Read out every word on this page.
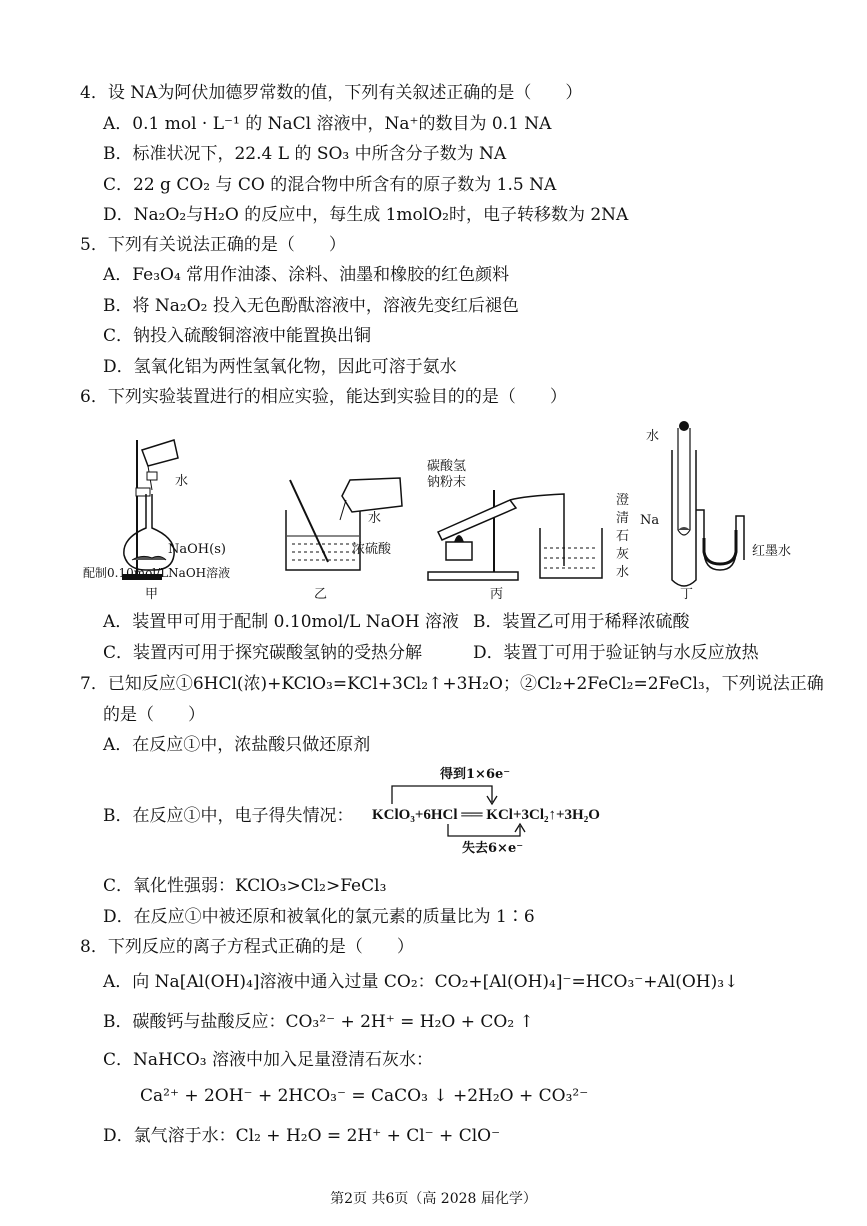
4．设 NA为阿伏加德罗常数的值，下列有关叙述正确的是（　　）
A．0.1 mol · L⁻¹ 的 NaCl 溶液中，Na⁺的数目为 0.1 NA
B．标准状况下，22.4 L 的 SO₃ 中所含分子数为 NA
C．22 g CO₂ 与 CO 的混合物中所含有的原子数为 1.5 NA
D．Na₂O₂与H₂O 的反应中，每生成 1molO₂时，电子转移数为 2NA
5．下列有关说法正确的是（　　）
A．Fe₃O₄ 常用作油漆、涂料、油墨和橡胶的红色颜料
B．将 Na₂O₂ 投入无色酚酞溶液中，溶液先变红后褪色
C．钠投入硫酸铜溶液中能置换出铜
D．氢氧化铝为两性氢氧化物，因此可溶于氨水
6．下列实验装置进行的相应实验，能达到实验目的的是（　　）
水
NaOH(s)
配制0.10mol/LNaOH溶液
甲
水
浓硫酸
乙
碳酸氢
钠粉末
澄
清
石
灰
水
丙
水
Na
红墨水
丁
A．装置甲可用于配制 0.10mol/L NaOH 溶液 B．装置乙可用于稀释浓硫酸
C．装置丙可用于探究碳酸氢钠的受热分解	D．装置丁可用于验证钠与水反应放热
7．已知反应①6HCl(浓)+KClO₃=KCl+3Cl₂↑+3H₂O；②Cl₂+2FeCl₂=2FeCl₃，下列说法正确
的是（　　）
A．在反应①中，浓盐酸只做还原剂
得到1×6e⁻
B．在反应①中，电子得失情况： KClO₃+6HCl ══ KCl+3Cl₂↑+3H₂O
失去6×e⁻
C．氧化性强弱：KClO₃>Cl₂>FeCl₃
D．在反应①中被还原和被氧化的氯元素的质量比为 1∶6
8．下列反应的离子方程式正确的是（　　）
A．向 Na[Al(OH)₄]溶液中通入过量 CO₂：CO₂+[Al(OH)₄]⁻=HCO₃⁻+Al(OH)₃↓
B．碳酸钙与盐酸反应：CO₃²⁻ + 2H⁺ = H₂O + CO₂ ↑
C．NaHCO₃ 溶液中加入足量澄清石灰水：
Ca²⁺ + 2OH⁻ + 2HCO₃⁻ = CaCO₃ ↓ +2H₂O + CO₃²⁻
D．氯气溶于水：Cl₂ + H₂O = 2H⁺ + Cl⁻ + ClO⁻
第2页 共6页（高 2028 届化学）
